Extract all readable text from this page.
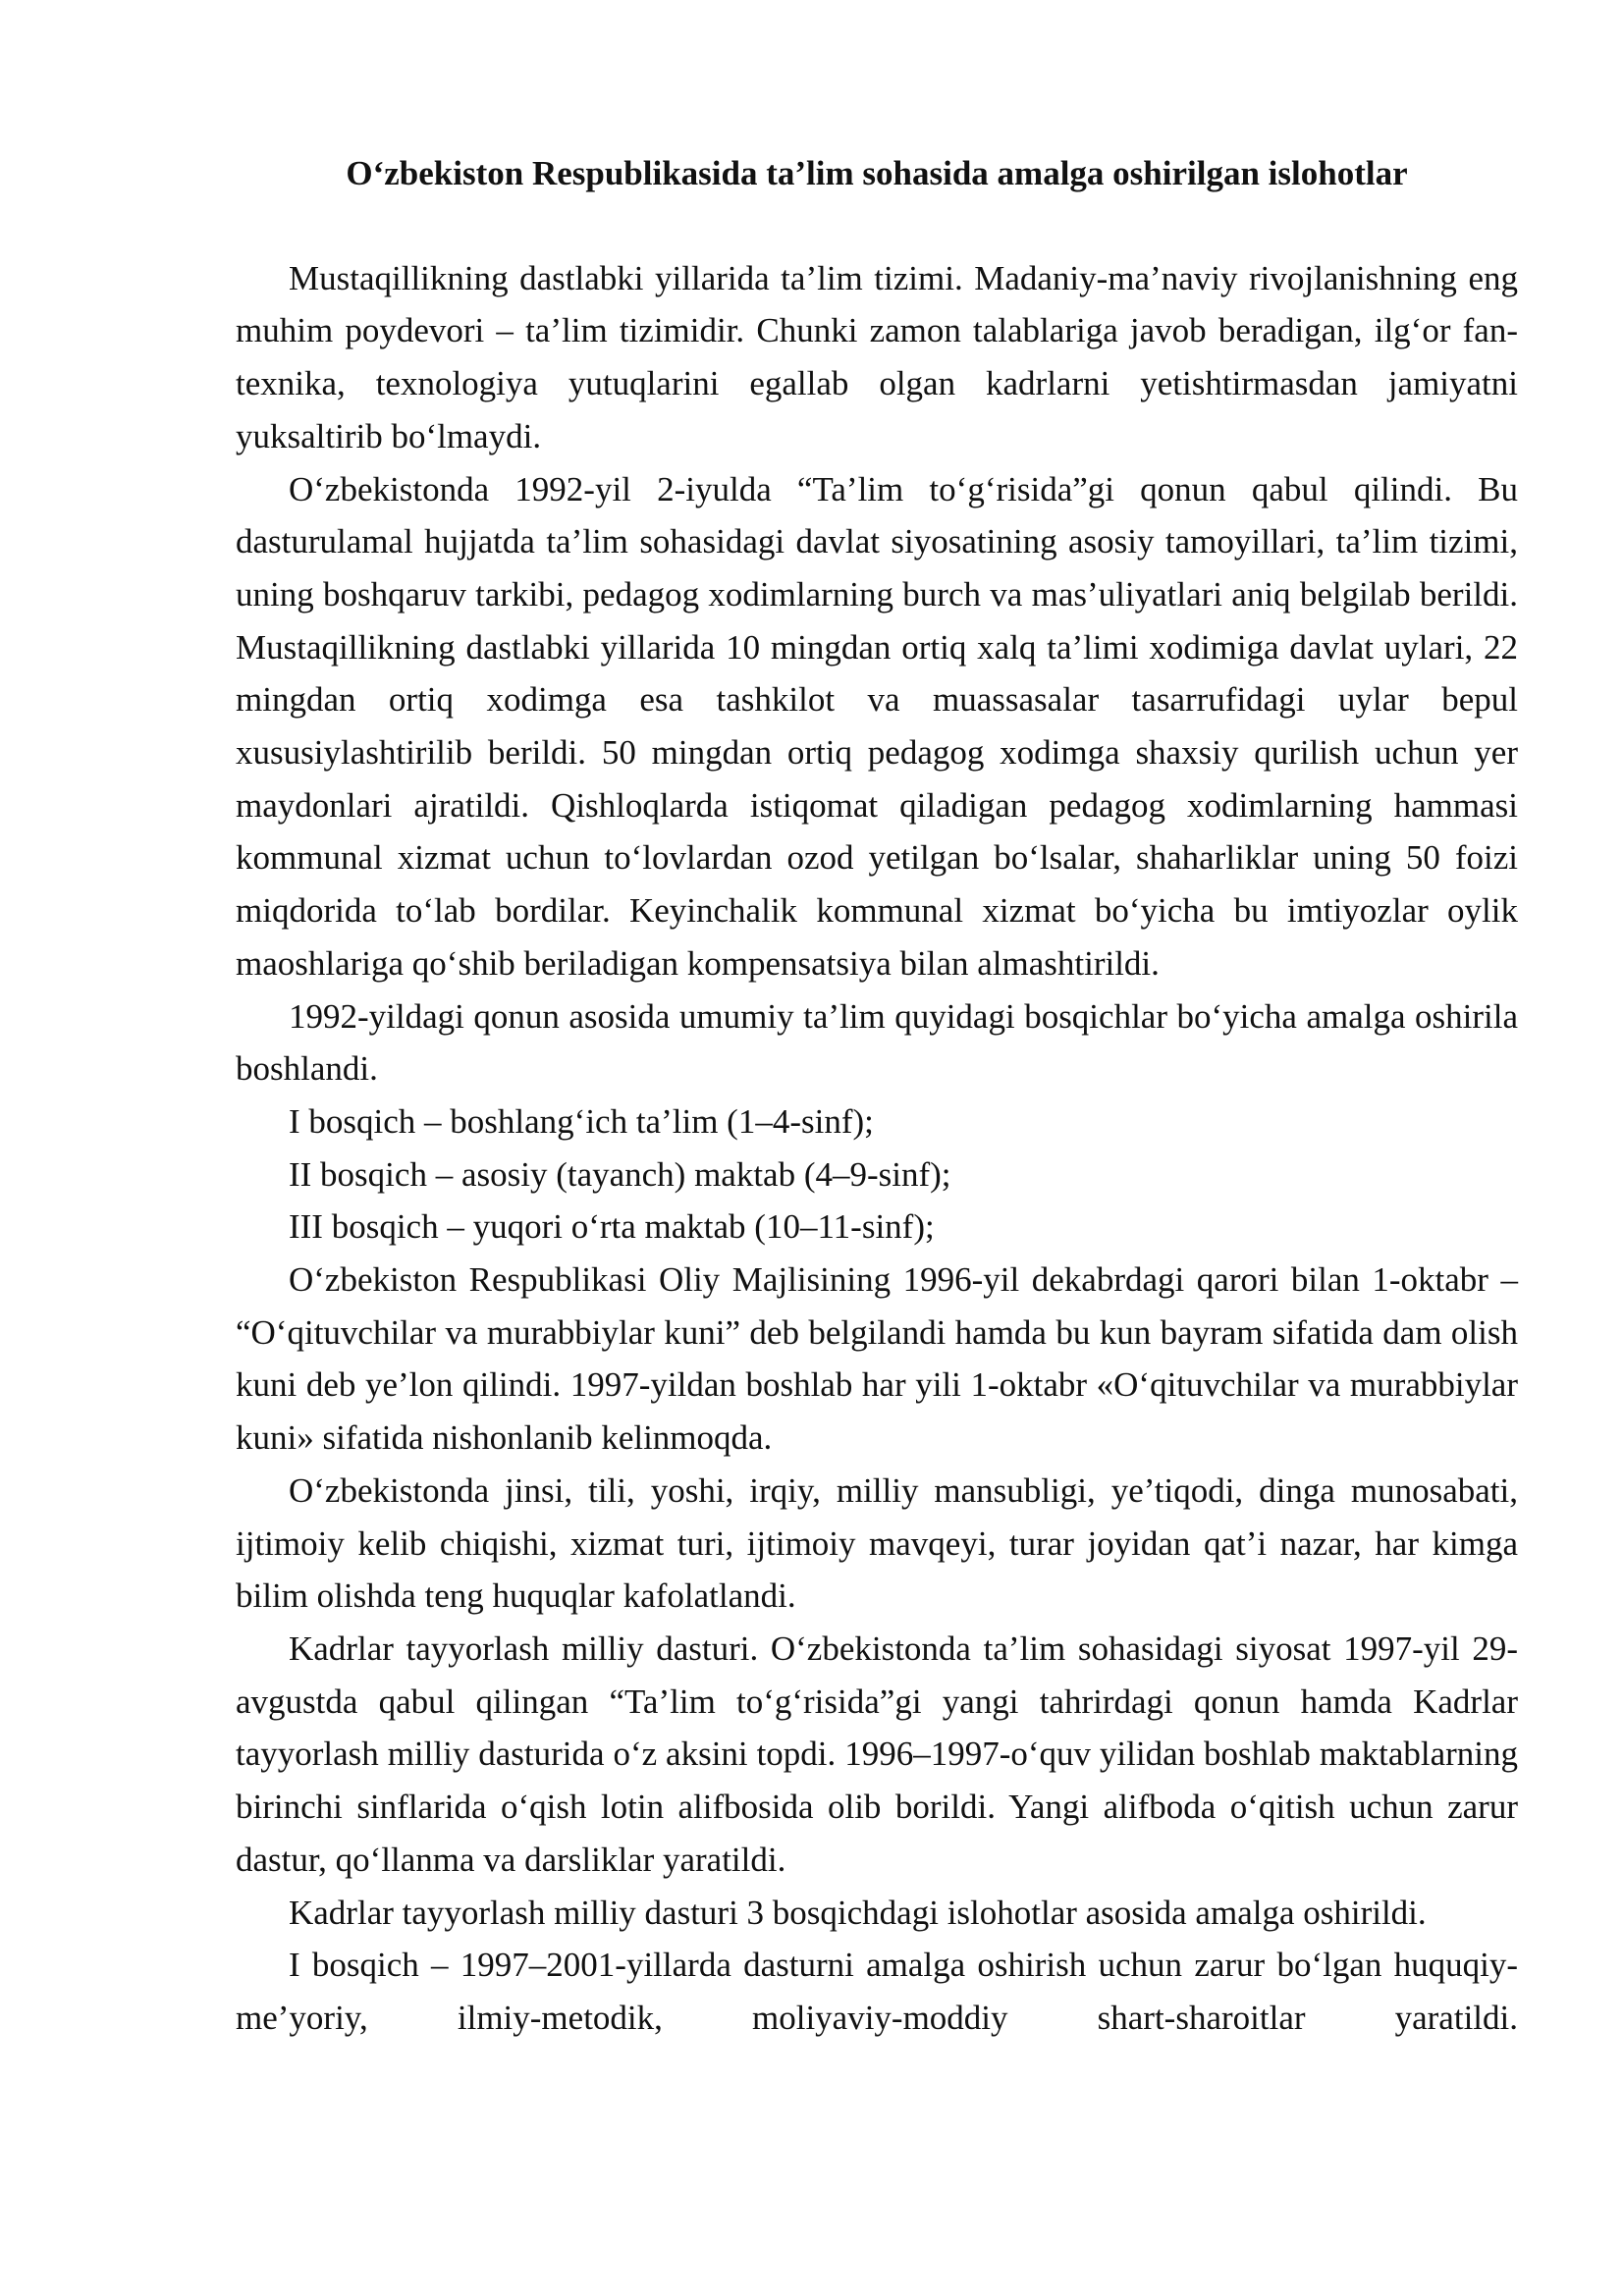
O‘zbekiston Respublikasida ta’lim sohasida amalga oshirilgan islohotlar

Mustaqillikning dastlabki yillarida ta’lim tizimi. Madaniy-ma’naviy rivojlanishning eng muhim poydevori – ta’lim tizimidir. Chunki zamon talablariga javob beradigan, ilg‘or fan-texnika, texnologiya yutuqlarini egallab olgan kadrlarni yetishtirmasdan jamiyatni yuksaltirib bo‘lmaydi.

O‘zbekistonda 1992-yil 2-iyulda “Ta’lim to‘g‘risida”gi qonun qabul qilindi. Bu dasturulamal hujjatda ta’lim sohasidagi davlat siyosatining asosiy tamoyillari, ta’lim tizimi, uning boshqaruv tarkibi, pedagog xodimlarning burch va mas’uliyatlari aniq belgilab berildi. Mustaqillikning dastlabki yillarida 10 mingdan ortiq xalq ta’limi xodimiga davlat uylari, 22 mingdan ortiq xodimga esa tashkilot va muassasalar tasarrufidagi uylar bepul xususiylashtirilib berildi. 50 mingdan ortiq pedagog xodimga shaxsiy qurilish uchun yer maydonlari ajratildi. Qishloqlarda istiqomat qiladigan pedagog xodimlarning hammasi kommunal xizmat uchun to‘lovlardan ozod yetilgan bo‘lsalar, shaharliklar uning 50 foizi miqdorida to‘lab bordilar. Keyinchalik kommunal xizmat bo‘yicha bu imtiyozlar oylik maoshlariga qo‘shib beriladigan kompensatsiya bilan almashtirildi.

1992-yildagi qonun asosida umumiy ta’lim quyidagi bosqichlar bo‘yicha amalga oshirila boshlandi.

I bosqich – boshlang‘ich ta’lim (1–4-sinf);

II bosqich – asosiy (tayanch) maktab (4–9-sinf);

III bosqich – yuqori o‘rta maktab (10–11-sinf);

O‘zbekiston Respublikasi Oliy Majlisining 1996-yil dekabrdagi qarori bilan 1-oktabr – “O‘qituvchilar va murabbiylar kuni” deb belgilandi hamda bu kun bayram sifatida dam olish kuni deb ye’lon qilindi. 1997-yildan boshlab har yili 1-oktabr «O‘qituvchilar va murabbiylar kuni» sifatida nishonlanib kelinmoqda.

O‘zbekistonda jinsi, tili, yoshi, irqiy, milliy mansubligi, ye’tiqodi, dinga munosabati, ijtimoiy kelib chiqishi, xizmat turi, ijtimoiy mavqeyi, turar joyidan qat’i nazar, har kimga bilim olishda teng huquqlar kafolatlandi.

Kadrlar tayyorlash milliy dasturi. O‘zbekistonda ta’lim sohasidagi siyosat 1997-yil 29-avgustda qabul qilingan “Ta’lim to‘g‘risida”gi yangi tahrirdagi qonun hamda Kadrlar tayyorlash milliy dasturida o‘z aksini topdi. 1996–1997-o‘quv yilidan boshlab maktablarning birinchi sinflarida o‘qish lotin alifbosida olib borildi. Yangi alifboda o‘qitish uchun zarur dastur, qo‘llanma va darsliklar yaratildi.

Kadrlar tayyorlash milliy dasturi 3 bosqichdagi islohotlar asosida amalga oshirildi.

I bosqich – 1997–2001-yillarda dasturni amalga oshirish uchun zarur bo‘lgan huquqiy-me’yoriy, ilmiy-metodik, moliyaviy-moddiy shart-sharoitlar yaratildi.
